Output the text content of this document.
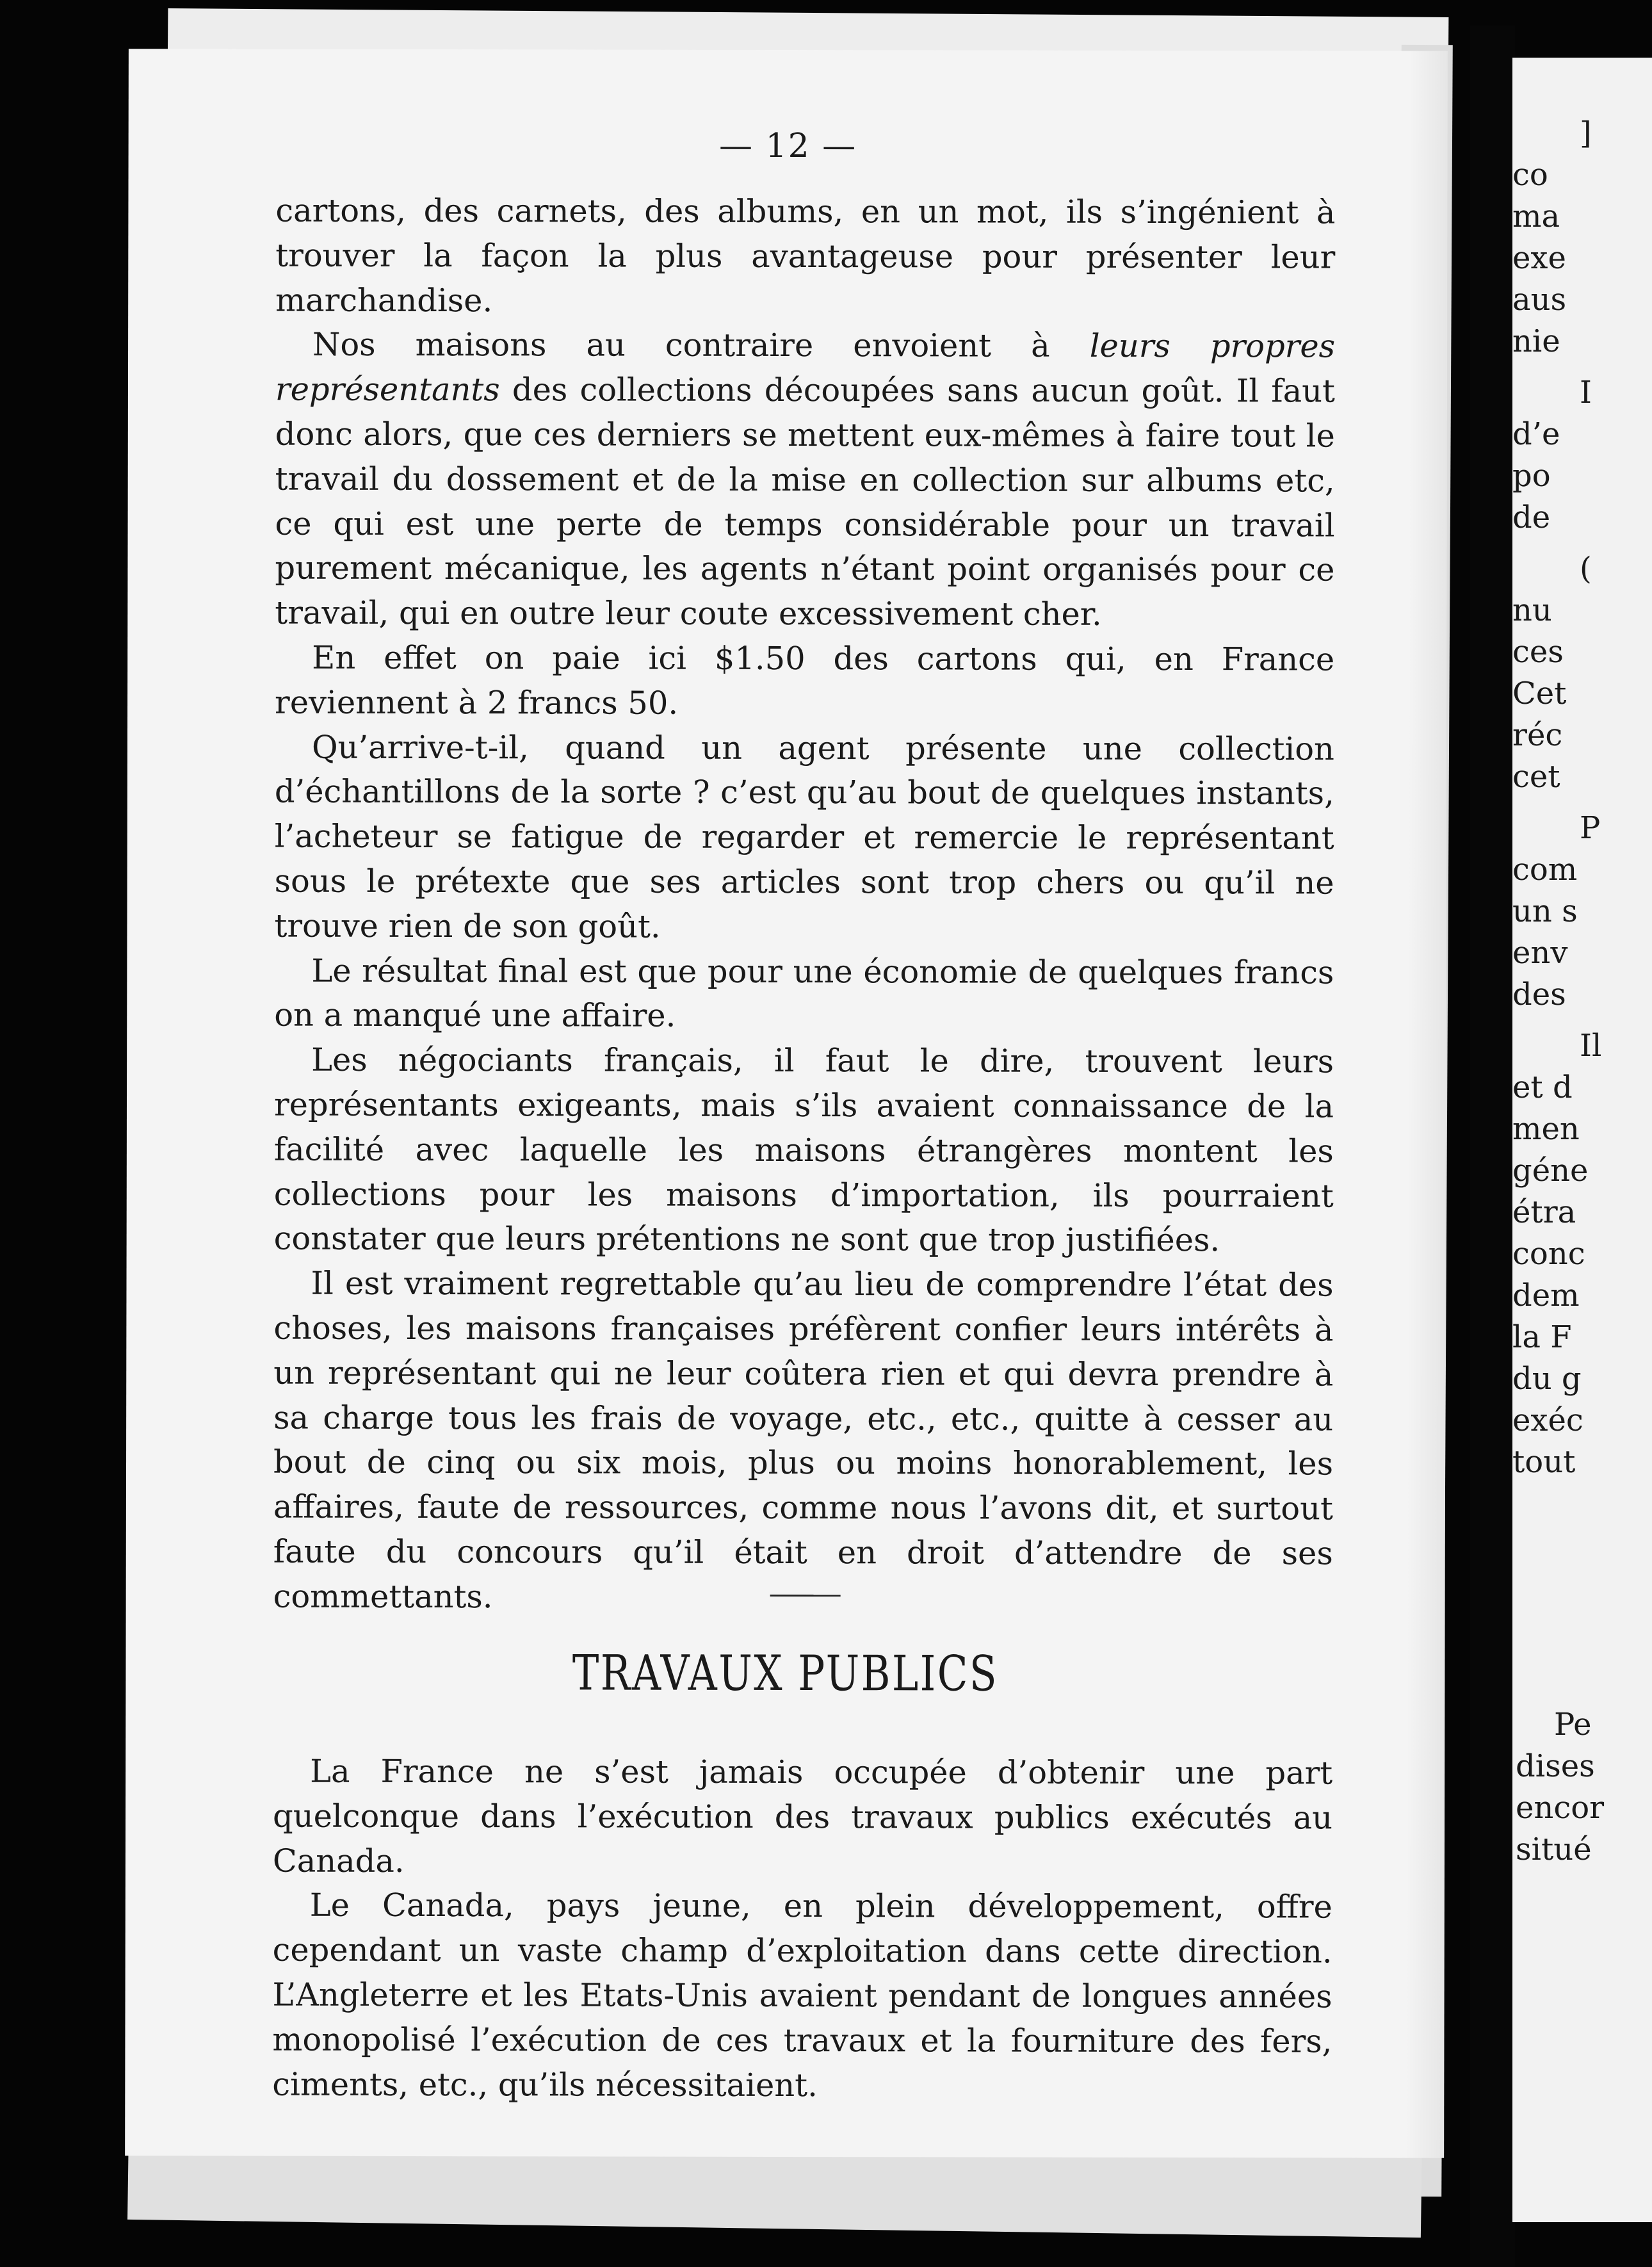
— 12 —

cartons, des carnets, des albums, en un mot, ils s’ingénient à trouver la façon la plus avantageuse pour présenter leur marchandise.

Nos maisons au contraire envoient à leurs propres représentants des collections découpées sans aucun goût. Il faut donc alors, que ces derniers se mettent eux-mêmes à faire tout le travail du dossement et de la mise en collection sur albums etc, ce qui est une perte de temps considérable pour un travail purement mécanique, les agents n’étant point organisés pour ce travail, qui en outre leur coute excessivement cher.

En effet on paie ici $1.50 des cartons qui, en France reviennent à 2 francs 50.

Qu’arrive-t-il, quand un agent présente une collection d’échantillons de la sorte ? c’est qu’au bout de quelques instants, l’acheteur se fatigue de regarder et remercie le représentant sous le prétexte que ses articles sont trop chers ou qu’il ne trouve rien de son goût.

Le résultat final est que pour une économie de quelques francs on a manqué une affaire.

Les négociants français, il faut le dire, trouvent leurs représentants exigeants, mais s’ils avaient connaissance de la facilité avec laquelle les maisons étrangères montent les collections pour les maisons d’importation, ils pourraient constater que leurs prétentions ne sont que trop justifiées.

Il est vraiment regrettable qu’au lieu de comprendre l’état des choses, les maisons françaises préfèrent confier leurs intérêts à un représentant qui ne leur coûtera rien et qui devra prendre à sa charge tous les frais de voyage, etc., etc., quitte à cesser au bout de cinq ou six mois, plus ou moins honorablement, les affaires, faute de ressources, comme nous l’avons dit, et surtout faute du concours qu’il était en droit d’attendre de ses commettants.

TRAVAUX PUBLICS

La France ne s’est jamais occupée d’obtenir une part quelconque dans l’exécution des travaux publics exécutés au Canada.

Le Canada, pays jeune, en plein développement, offre cependant un vaste champ d’exploitation dans cette direction. L’Angleterre et les Etats-Unis avaient pendant de longues années monopolisé l’exécution de ces travaux et la fourniture des fers, ciments, etc., qu’ils nécessitaient.

]
co
ma
exe
aus
nie
I
d’e
po
de
(
nu
ces
Cet
réc
cet
P
com
un s
env
des
Il
et d
men
géne
étra
conc
dem
la F
du g
exéc
tout
Pe
dises
encor
situé
